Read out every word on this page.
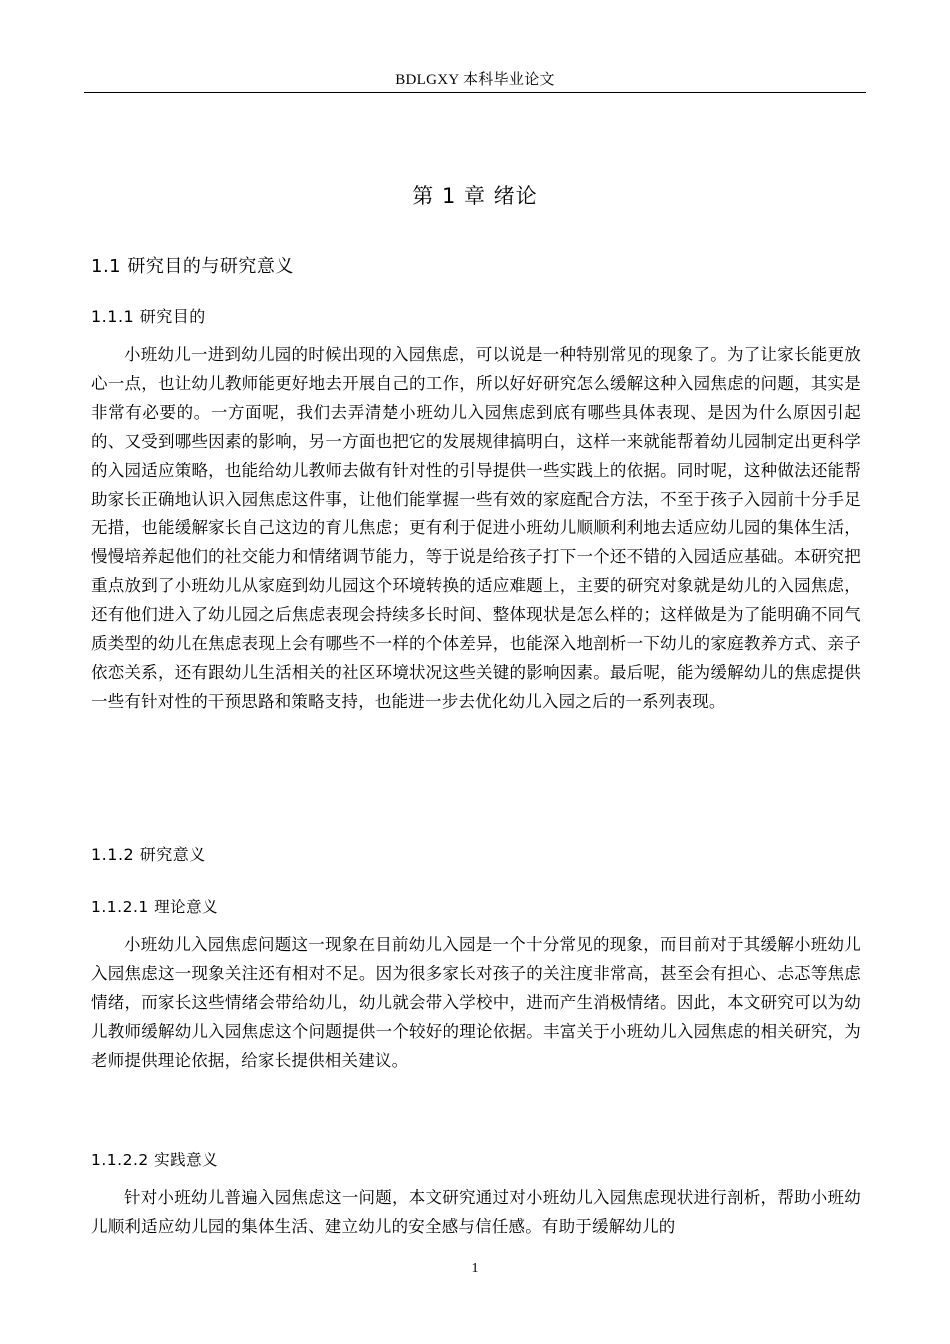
BDLGXY 本科毕业论文
第 1 章 绪论
1.1 研究目的与研究意义
1.1.1 研究目的

小班幼儿一进到幼儿园的时候出现的入园焦虑，可以说是一种特别常见的现象了。为了让家长能更放心一点，也让幼儿教师能更好地去开展自己的工作，所以好好研究怎么缓解这种入园焦虑的问题，其实是非常有必要的。一方面呢，我们去弄清楚小班幼儿入园焦虑到底有哪些具体表现、是因为什么原因引起的、又受到哪些因素的影响，另一方面也把它的发展规律搞明白，这样一来就能帮着幼儿园制定出更科学的入园适应策略，也能给幼儿教师去做有针对性的引导提供一些实践上的依据。同时呢，这种做法还能帮助家长正确地认识入园焦虑这件事，让他们能掌握一些有效的家庭配合方法，不至于孩子入园前十分手足无措，也能缓解家长自己这边的育儿焦虑；更有利于促进小班幼儿顺顺利利地去适应幼儿园的集体生活，慢慢培养起他们的社交能力和情绪调节能力，等于说是给孩子打下一个还不错的入园适应基础。本研究把重点放到了小班幼儿从家庭到幼儿园这个环境转换的适应难题上，主要的研究对象就是幼儿的入园焦虑，还有他们进入了幼儿园之后焦虑表现会持续多长时间、整体现状是怎么样的；这样做是为了能明确不同气质类型的幼儿在焦虑表现上会有哪些不一样的个体差异，也能深入地剖析一下幼儿的家庭教养方式、亲子依恋关系，还有跟幼儿生活相关的社区环境状况这些关键的影响因素。最后呢，能为缓解幼儿的焦虑提供一些有针对性的干预思路和策略支持，也能进一步去优化幼儿入园之后的一系列表现。

1.1.2 研究意义
1.1.2.1 理论意义

小班幼儿入园焦虑问题这一现象在目前幼儿入园是一个十分常见的现象，而目前对于其缓解小班幼儿入园焦虑这一现象关注还有相对不足。因为很多家长对孩子的关注度非常高，甚至会有担心、忐忑等焦虑情绪，而家长这些情绪会带给幼儿，幼儿就会带入学校中，进而产生消极情绪。因此，本文研究可以为幼儿教师缓解幼儿入园焦虑这个问题提供一个较好的理论依据。丰富关于小班幼儿入园焦虑的相关研究，为老师提供理论依据，给家长提供相关建议。

1.1.2.2 实践意义

针对小班幼儿普遍入园焦虑这一问题，本文研究通过对小班幼儿入园焦虑现状进行剖析，帮助小班幼儿顺利适应幼儿园的集体生活、建立幼儿的安全感与信任感。有助于缓解幼儿的

1
